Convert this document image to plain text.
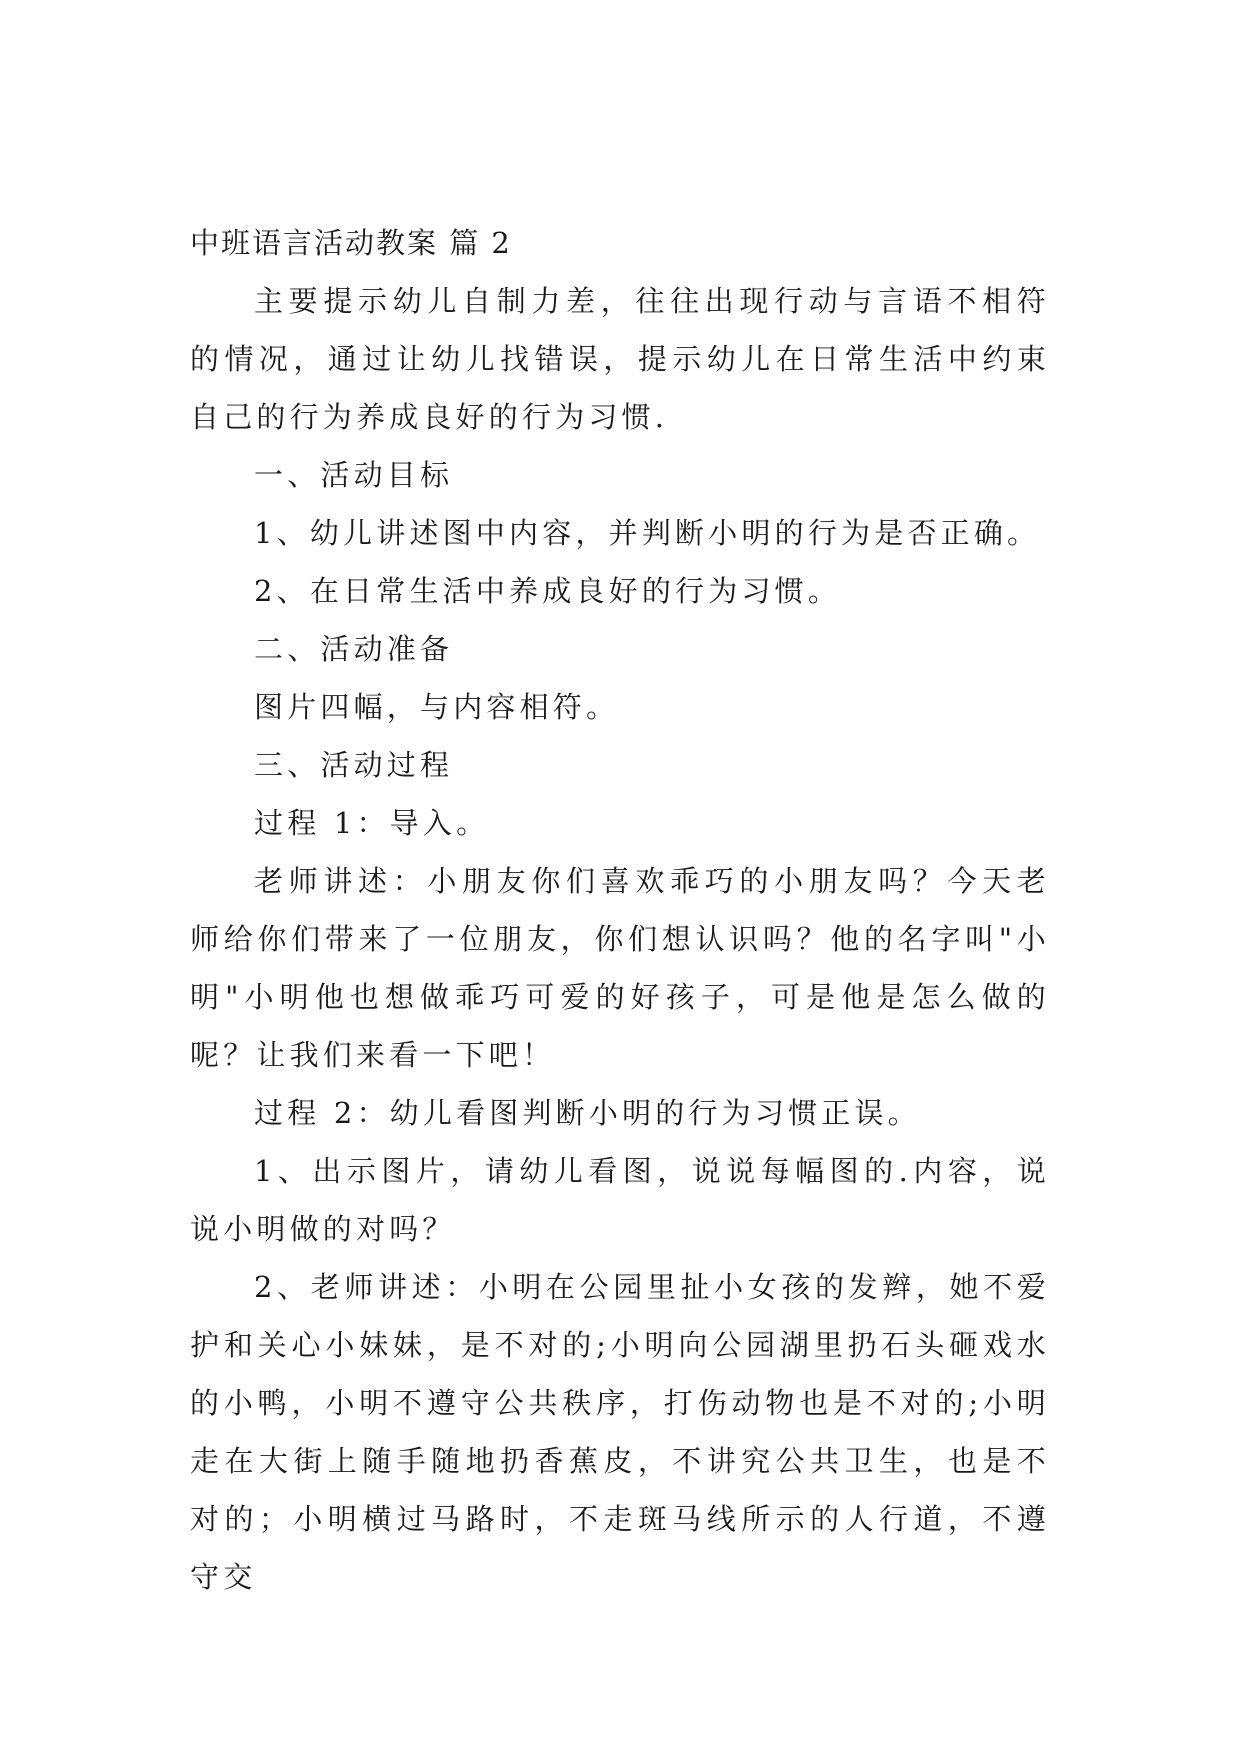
中班语言活动教案 篇 2

主要提示幼儿自制力差，往往出现行动与言语不相符的情况，通过让幼儿找错误，提示幼儿在日常生活中约束自己的行为养成良好的行为习惯.

一、活动目标

1、幼儿讲述图中内容，并判断小明的行为是否正确。

2、在日常生活中养成良好的行为习惯。

二、活动准备

图片四幅，与内容相符。

三、活动过程

过程 1：导入。

老师讲述：小朋友你们喜欢乖巧的小朋友吗？今天老师给你们带来了一位朋友，你们想认识吗？他的名字叫"小明"小明他也想做乖巧可爱的好孩子，可是他是怎么做的呢？让我们来看一下吧！

过程 2：幼儿看图判断小明的行为习惯正误。

1、出示图片，请幼儿看图，说说每幅图的.内容，说说小明做的对吗？

2、老师讲述：小明在公园里扯小女孩的发辫，她不爱护和关心小妹妹，是不对的;小明向公园湖里扔石头砸戏水的小鸭，小明不遵守公共秩序，打伤动物也是不对的;小明走在大街上随手随地扔香蕉皮，不讲究公共卫生，也是不对的；小明横过马路时，不走斑马线所示的人行道，不遵守交
